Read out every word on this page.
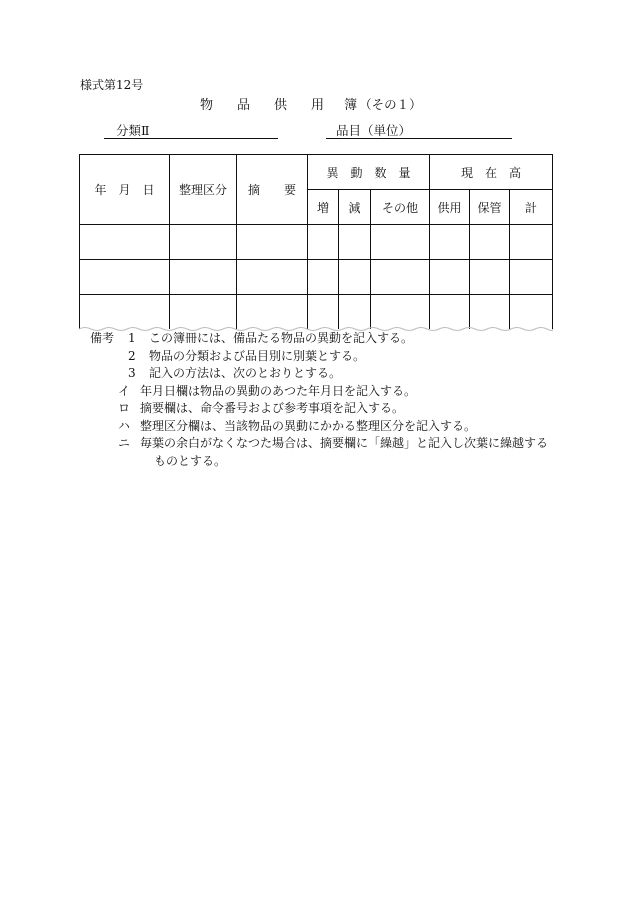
様式第12号
物 品 供 用 簿 （その１）
分類Ⅱ	品目（単位）
年　月　日	整理区分	摘　　要	異　動　数　量			現　在　高		
			増	減	その他	供用	保管	計

備考	1	この簿冊には、備品たる物品の異動を記入する。
2	物品の分類および品目別に別葉とする。
3	記入の方法は、次のとおりとする。
イ 年月日欄は物品の異動のあつた年月日を記入する。
ロ 摘要欄は、命令番号および参考事項を記入する。
ハ 整理区分欄は、当該物品の異動にかかる整理区分を記入する。
ニ 毎葉の余白がなくなつた場合は、摘要欄に「繰越」と記入し次葉に繰越する
ものとする。
